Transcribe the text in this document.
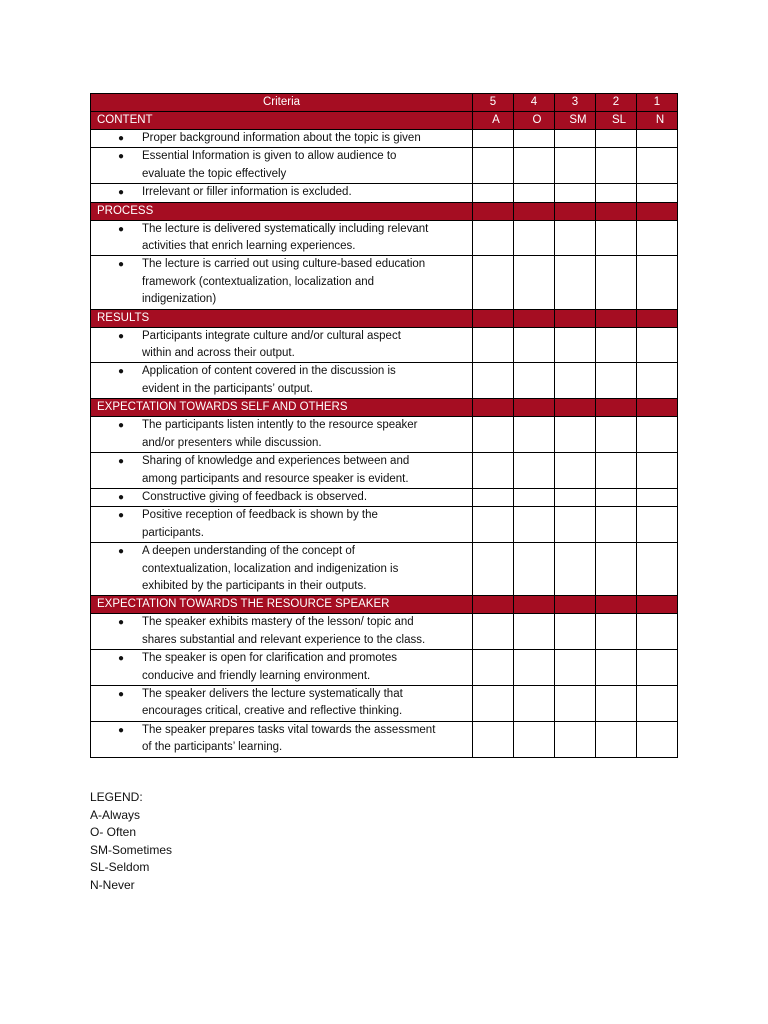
Criteria	5	4	3	2	1
CONTENT	A	O	SM	SL	N

● Proper background information about the topic is given					

● Essential Information is given to allow audience to
evaluate the topic effectively					

● Irrelevant or filler information is excluded.					

PROCESS					

● The lecture is delivered systematically including relevant
activities that enrich learning experiences.					

● The lecture is carried out using culture-based education
framework (contextualization, localization and
indigenization)					

RESULTS					

● Participants integrate culture and/or cultural aspect
within and across their output.					

● Application of content covered in the discussion is
evident in the participants’ output.					

EXPECTATION TOWARDS SELF AND OTHERS					

● The participants listen intently to the resource speaker
and/or presenters while discussion.					

● Sharing of knowledge and experiences between and
among participants and resource speaker is evident.					

● Constructive giving of feedback is observed.					

● Positive reception of feedback is shown by the
participants.					

● A deepen understanding of the concept of
contextualization, localization and indigenization is
exhibited by the participants in their outputs.					

EXPECTATION TOWARDS THE RESOURCE SPEAKER					

● The speaker exhibits mastery of the lesson/ topic and
shares substantial and relevant experience to the class.					

● The speaker is open for clarification and promotes
conducive and friendly learning environment.					

● The speaker delivers the lecture systematically that
encourages critical, creative and reflective thinking.					

● The speaker prepares tasks vital towards the assessment
of the participants’ learning.					

LEGEND:
A-Always
O- Often
SM-Sometimes
SL-Seldom
N-Never
